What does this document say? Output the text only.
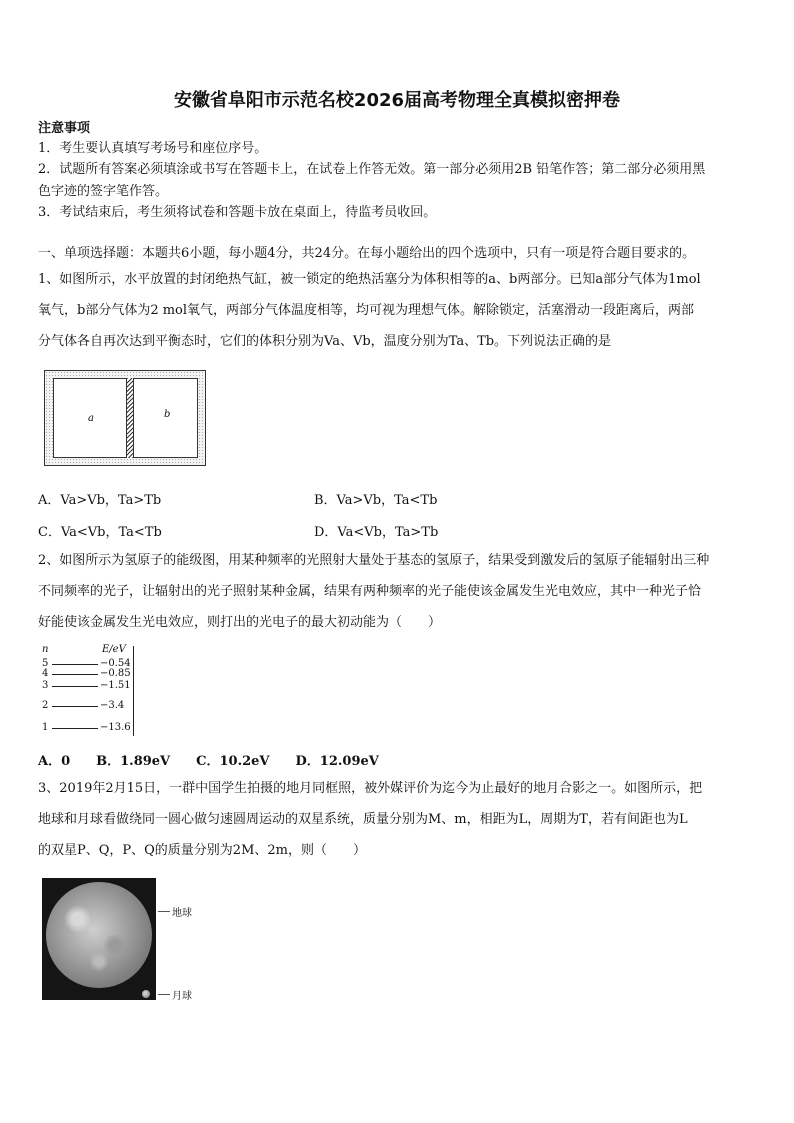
安徽省阜阳市示范名校2026届高考物理全真模拟密押卷
注意事项
1．考生要认真填写考场号和座位序号。
2．试题所有答案必须填涂或书写在答题卡上，在试卷上作答无效。第一部分必须用2B 铅笔作答；第二部分必须用黑
色字迹的签字笔作答。
3．考试结束后，考生须将试卷和答题卡放在桌面上，待监考员收回。
一、单项选择题：本题共6小题，每小题4分，共24分。在每小题给出的四个选项中，只有一项是符合题目要求的。
1、如图所示，水平放置的封闭绝热气缸，被一锁定的绝热活塞分为体积相等的a、b两部分。已知a部分气体为1mol
氧气，b部分气体为2 mol氧气，两部分气体温度相等，均可视为理想气体。解除锁定，活塞滑动一段距离后，两部
分气体各自再次达到平衡态时，它们的体积分别为Va、Vb，温度分别为Ta、Tb。下列说法正确的是
a	b
A．Va>Vb，Ta>Tb	B．Va>Vb，Ta<Tb
C．Va<Vb，Ta<Tb	D．Va<Vb，Ta>Tb
2、如图所示为氢原子的能级图，用某种频率的光照射大量处于基态的氢原子，结果受到激发后的氢原子能辐射出三种
不同频率的光子，让辐射出的光子照射某种金属，结果有两种频率的光子能使该金属发生光电效应，其中一种光子恰
好能使该金属发生光电效应，则打出的光电子的最大初动能为（　　）
n	E/eV
5	−0.54
4	−0.85
3	−1.51
2	−3.4
1	−13.6
A．0　　B．1.89eV　　C．10.2eV　　D．12.09eV
3、2019年2月15日，一群中国学生拍摄的地月同框照，被外媒评价为迄今为止最好的地月合影之一。如图所示，把
地球和月球看做绕同一圆心做匀速圆周运动的双星系统，质量分别为M、m，相距为L，周期为T，若有间距也为L
的双星P、Q，P、Q的质量分别为2M、2m，则（　　）
地球
月球
